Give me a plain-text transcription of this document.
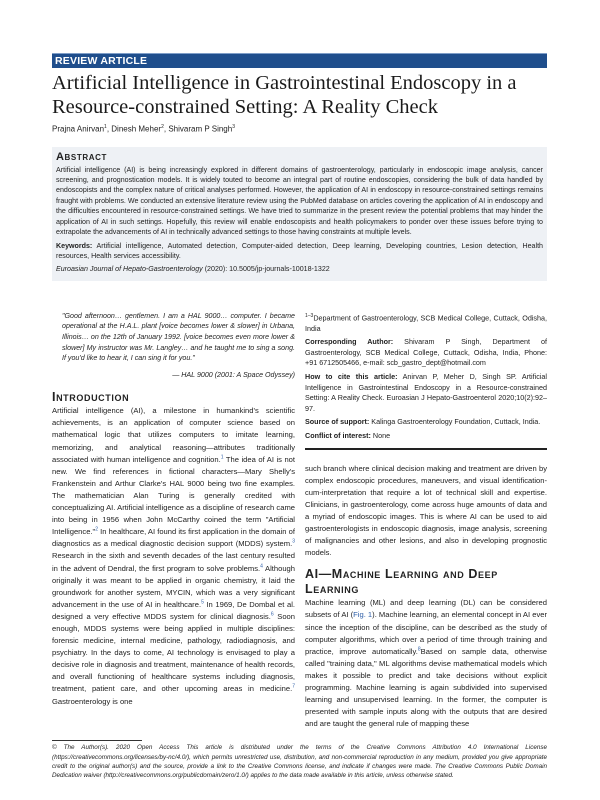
REVIEW ARTICLE
Artificial Intelligence in Gastrointestinal Endoscopy in a Resource-constrained Setting: A Reality Check
Prajna Anirvan$^1$, Dinesh Meher$^2$, Shivaram P Singh$^3$
Abstract

Artificial intelligence (AI) is being increasingly explored in different domains of gastroenterology, particularly in endoscopic image analysis, cancer screening, and prognostication models. It is widely touted to become an integral part of routine endoscopies, considering the bulk of data handled by endoscopists and the complex nature of critical analyses performed. However, the application of AI in endoscopy in resource-constrained settings remains fraught with problems. We conducted an extensive literature review using the PubMed database on articles covering the application of AI in endoscopy and the difficulties encountered in resource-constrained settings. We have tried to summarize in the present review the potential problems that may hinder the application of AI in such settings. Hopefully, this review will enable endoscopists and health policymakers to ponder over these issues before trying to extrapolate the advancements of AI in technically advanced settings to those having constraints at multiple levels.

Keywords: Artificial intelligence, Automated detection, Computer-aided detection, Deep learning, Developing countries, Lesion detection, Health resources, Health services accessibility.

Euroasian Journal of Hepato-Gastroenterology (2020): 10.5005/jp-journals-10018-1322

"Good afternoon… gentlemen. I am a HAL 9000… computer. I became operational at the H.A.L. plant [voice becomes lower & slower] in Urbana, Illinois… on the 12th of January 1992. [voice becomes even more lower & slower] My instructor was Mr. Langley… and he taught me to sing a song. If you'd like to hear it, I can sing it for you."
— HAL 9000 (2001: A Space Odyssey)
Introduction
Artificial intelligence (AI), a milestone in humankind's scientific achievements, is an application of computer science based on mathematical logic that utilizes computers to imitate learning, memorizing, and analytical reasoning—attributes traditionally associated with human intelligence and cognition.$^1$ The idea of AI is not new. We find references in fictional characters—Mary Shelly's Frankenstein and Arthur Clarke's HAL 9000 being two fine examples. The mathematician Alan Turing is generally credited with conceptualizing AI. Artificial intelligence as a discipline of research came into being in 1956 when John McCarthy coined the term "Artificial Intelligence."$^2$ In healthcare, AI found its first application in the domain of diagnostics as a medical diagnostic decision support (MDDS) system.$^3$ Research in the sixth and seventh decades of the last century resulted in the advent of Dendral, the first program to solve problems.$^4$ Although originally it was meant to be applied in organic chemistry, it laid the groundwork for another system, MYCIN, which was a very significant advancement in the use of AI in healthcare.$^5$ In 1969, De Dombal et al. designed a very effective MDDS system for clinical diagnosis.$^6$ Soon enough, MDDS systems were being applied in multiple disciplines: forensic medicine, internal medicine, pathology, radiodiagnosis, and psychiatry. In the days to come, AI technology is envisaged to play a decisive role in diagnosis and treatment, maintenance of health records, and overall functioning of healthcare systems including diagnosis, treatment, patient care, and other upcoming areas in medicine.$^7$ Gastroenterology is one
$^{1-3}$Department of Gastroenterology, SCB Medical College, Cuttack, Odisha, India
Corresponding Author: Shivaram P Singh, Department of Gastroenterology, SCB Medical College, Cuttack, Odisha, India, Phone: +91 6712505466, e-mail: scb_gastro_dept@hotmail.com
How to cite this article: Anirvan P, Meher D, Singh SP. Artificial Intelligence in Gastrointestinal Endoscopy in a Resource-constrained Setting: A Reality Check. Euroasian J Hepato-Gastroenterol 2020;10(2):92–97.
Source of support: Kalinga Gastroenterology Foundation, Cuttack, India.
Conflict of interest: None
such branch where clinical decision making and treatment are driven by complex endoscopic procedures, maneuvers, and visual identification-cum-interpretation that require a lot of technical skill and expertise. Clinicians, in gastroenterology, come across huge amounts of data and a myriad of endoscopic images. This is where AI can be used to aid gastroenterologists in endoscopic diagnosis, image analysis, screening of malignancies and other lesions, and also in developing prognostic models.
AI—Machine Learning and Deep Learning
Machine learning (ML) and deep learning (DL) can be considered subsets of AI (Fig. 1). Machine learning, an elemental concept in AI ever since the inception of the discipline, can be described as the study of computer algorithms, which over a period of time through training and practice, improve automatically.$^8$Based on sample data, otherwise called "training data," ML algorithms devise mathematical models which makes it possible to predict and take decisions without explicit programming. Machine learning is again subdivided into supervised learning and unsupervised learning. In the former, the computer is presented with sample inputs along with the outputs that are desired and are taught the general rule of mapping these
© The Author(s). 2020 Open Access This article is distributed under the terms of the Creative Commons Attribution 4.0 International License (https://creativecommons.org/licenses/by-nc/4.0/), which permits unrestricted use, distribution, and non-commercial reproduction in any medium, provided you give appropriate credit to the original author(s) and the source, provide a link to the Creative Commons license, and indicate if changes were made. The Creative Commons Public Domain Dedication waiver (http://creativecommons.org/publicdomain/zero/1.0/) applies to the data made available in this article, unless otherwise stated.
